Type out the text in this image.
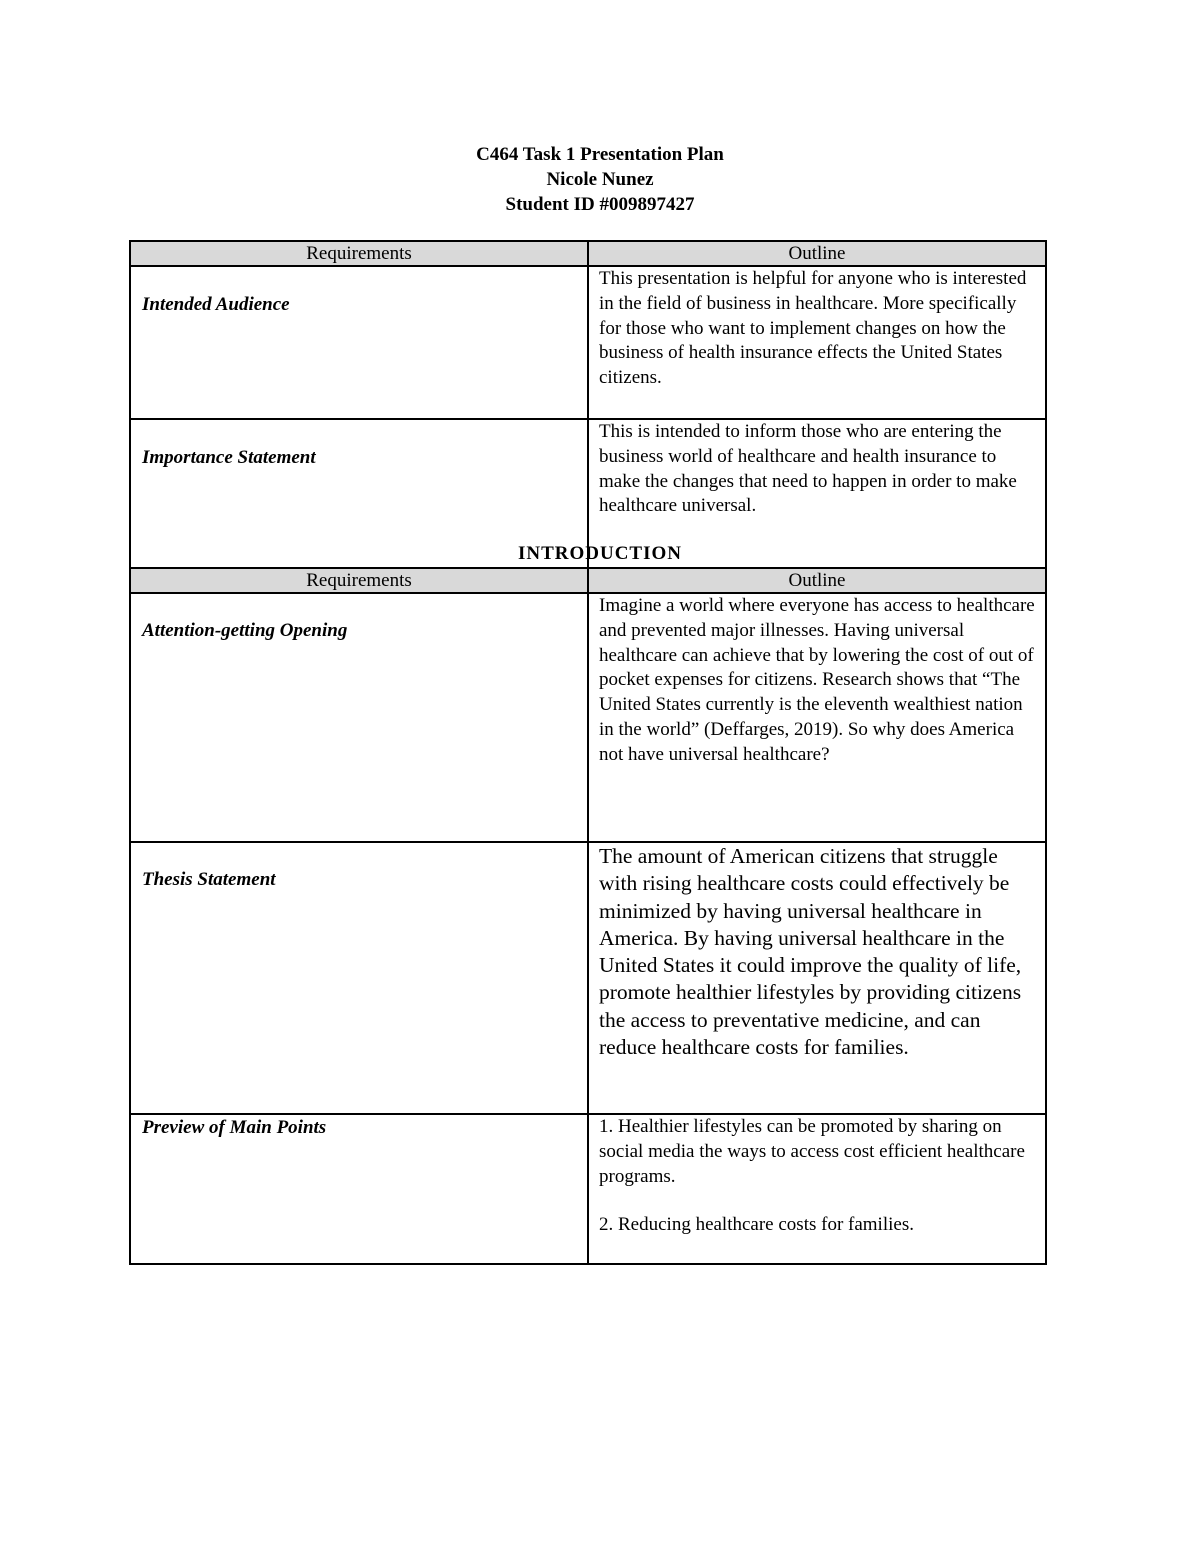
C464 Task 1 Presentation Plan
Nicole Nunez
Student ID #009897427
Requirements	Outline
Intended Audience	This presentation is helpful for anyone who is interested in the field of business in healthcare. More specifically for those who want to implement changes on how the business of health insurance effects the United States citizens.
Importance Statement	This is intended to inform those who are entering the business world of healthcare and health insurance to make the changes that need to happen in order to make healthcare universal.
INTRODUCTION
Requirements	Outline
Attention-getting Opening	Imagine a world where everyone has access to healthcare and prevented major illnesses. Having universal healthcare can achieve that by lowering the cost of out of pocket expenses for citizens. Research shows that “The United States currently is the eleventh wealthiest nation in the world” (Deffarges, 2019). So why does America not have universal healthcare?
Thesis Statement	The amount of American citizens that struggle with rising healthcare costs could effectively be minimized by having universal healthcare in America. By having universal healthcare in the United States it could improve the quality of life, promote healthier lifestyles by providing citizens the access to preventative medicine, and can reduce healthcare costs for families.
Preview of Main Points	1. Healthier lifestyles can be promoted by sharing on social media the ways to access cost efficient healthcare programs.
2. Reducing healthcare costs for families.
